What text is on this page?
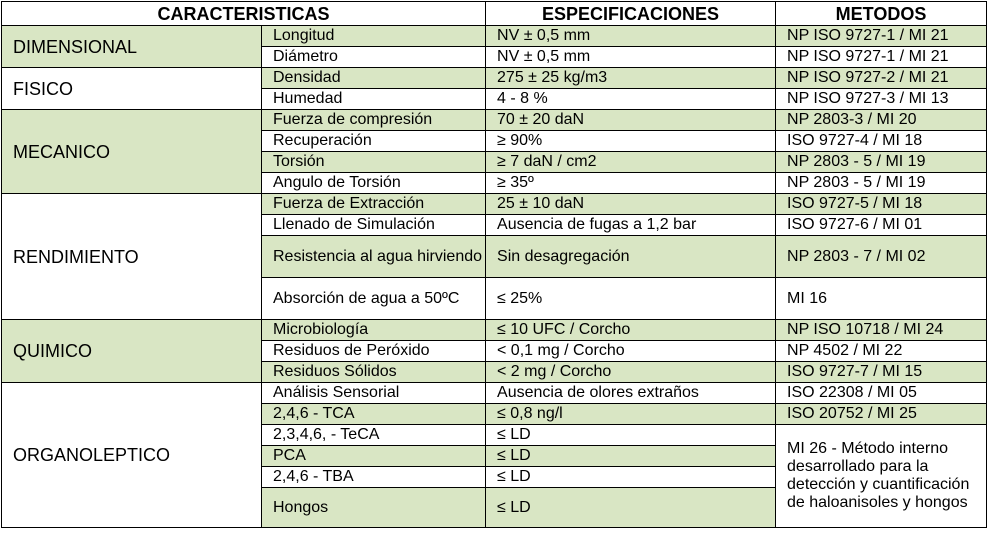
CARACTERISTICAS		ESPECIFICACIONES	METODOS
DIMENSIONAL	Longitud	NV ± 0,5 mm	NP ISO 9727-1 / MI 21
	Diámetro	NV ± 0,5 mm	NP ISO 9727-1 / MI 21
FISICO	Densidad	275 ± 25 kg/m3	NP ISO 9727-2 / MI 21
	Humedad	4 - 8 %	NP ISO 9727-3 / MI 13
MECANICO	Fuerza de compresión	70 ± 20 daN	NP 2803-3 / MI 20
	Recuperación	≥ 90%	ISO 9727-4 / MI 18
	Torsión	≥ 7 daN / cm2	NP 2803 - 5 / MI 19
	Angulo de Torsión	≥ 35º	NP 2803 - 5 / MI 19
RENDIMIENTO	Fuerza de Extracción	25 ± 10 daN	ISO 9727-5 / MI 18
	Llenado de Simulación	Ausencia de fugas a 1,2 bar	ISO 9727-6 / MI 01
	Resistencia al agua hirviendo	Sin desagregación	NP 2803 - 7 / MI 02
	Absorción de agua a 50ºC	≤ 25%	MI 16
QUIMICO	Microbiología	≤ 10 UFC / Corcho	NP ISO 10718 / MI 24
	Residuos de Peróxido	< 0,1 mg / Corcho	NP 4502 / MI 22
	Residuos Sólidos	< 2 mg / Corcho	ISO 9727-7 / MI 15
ORGANOLEPTICO	Análisis Sensorial	Ausencia de olores extraños	ISO 22308 / MI 05
	2,4,6 - TCA	≤ 0,8 ng/l	ISO 20752 / MI 25
	2,3,4,6, - TeCA	≤ LD	MI 26 - Método interno desarrollado para la detección y cuantificación de haloanisoles y hongos
	PCA	≤ LD	
	2,4,6 - TBA	≤ LD	
	Hongos	≤ LD	
